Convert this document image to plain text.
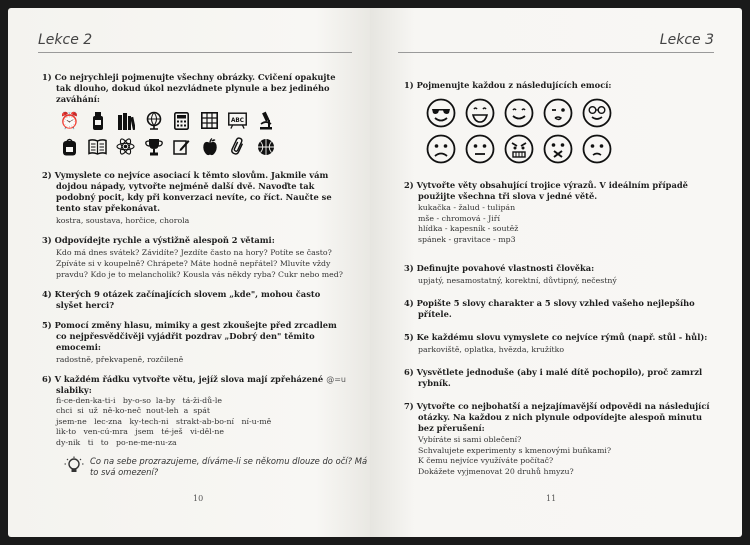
Lekce 2
1) Co nejrychleji pojmenujte všechny obrázky. Cvičení opakujte tak dlouho, dokud úkol nezvládnete plynule a bez jediného zaváhání:
⏰	ABC
2) Vymyslete co nejvíce asociací k těmto slovům. Jakmile vám dojdou nápady, vytvořte nejméně další dvě. Navoďte tak podobný pocit, kdy při konverzaci nevíte, co říct. Naučte se tento stav překonávat.
kostra, soustava, horčice, chorola
3) Odpovídejte rychle a výstižně alespoň 2 větami:
Kdo má dnes svátek? Závidíte? Jezdíte často na hory? Potíte se často? Zpíváte si v koupelně? Chrápete? Máte hodně nepřátel? Mluvíte vždy pravdu? Kdo je to melancholik? Kousla vás někdy ryba? Cukr nebo med?
4) Kterých 9 otázek začínajících slovem „kde", mohou často slyšet herci?
5) Pomocí změny hlasu, mimiky a gest zkoušejte před zrcadlem co nejpřesvědčivěji vyjádřit pozdrav „Dobrý den" těmito emocemi:
radostně, překvapeně, rozčileně
6) V každém řádku vytvořte větu, jejíž slova mají zpřeházené slabiky:
@=u
fi-ce-den-ka-ti-i   by-o-so  la-by   tá-ži-dů-le
chci  si  už  ně-ko-neč  nout-leh  a  spát
jsem-ne   lec-zna   ky-tech-ni   strakt-ab-bo-ní   ní-u-mě
lik-to   ven-cú-mra   jsem   té-ješ   vi-děl-ne
dy-nik   ti   to   po-ne-me-nu-za
Co na sebe prozrazujeme, díváme-li se někomu dlouze do očí? Má to svá omezení?
10
Lekce 3
1) Pojmenujte každou z následujících emocí:
2) Vytvořte věty obsahující trojice výrazů. V ideálním případě použijte všechna tři slova v jedné větě.
kukačka - žalud - tulipán
mše - chromová - Jiří
hlídka - kapesník - soutěž
spánek - gravitace - mp3
3) Definujte povahové vlastnosti člověka:
upjatý, nesamostatný, korektní, důvtipný, nečestný
4) Popište 5 slovy charakter a 5 slovy vzhled vašeho nejlepšího přítele.
5) Ke každému slovu vymyslete co nejvíce rýmů (např. stůl - hůl):
parkoviště, oplatka, hvězda, kružítko
6) Vysvětlete jednoduše (aby i malé dítě pochopilo), proč zamrzl rybník.
7) Vytvořte co nejbohatší a nejzajímavější odpovědi na následující otázky. Na každou z nich plynule odpovídejte alespoň minutu bez přerušení:
Vybíráte si sami oblečení?
Schvalujete experimenty s kmenovými buňkami?
K čemu nejvíce využíváte počítač?
Dokážete vyjmenovat 20 druhů hmyzu?
11
